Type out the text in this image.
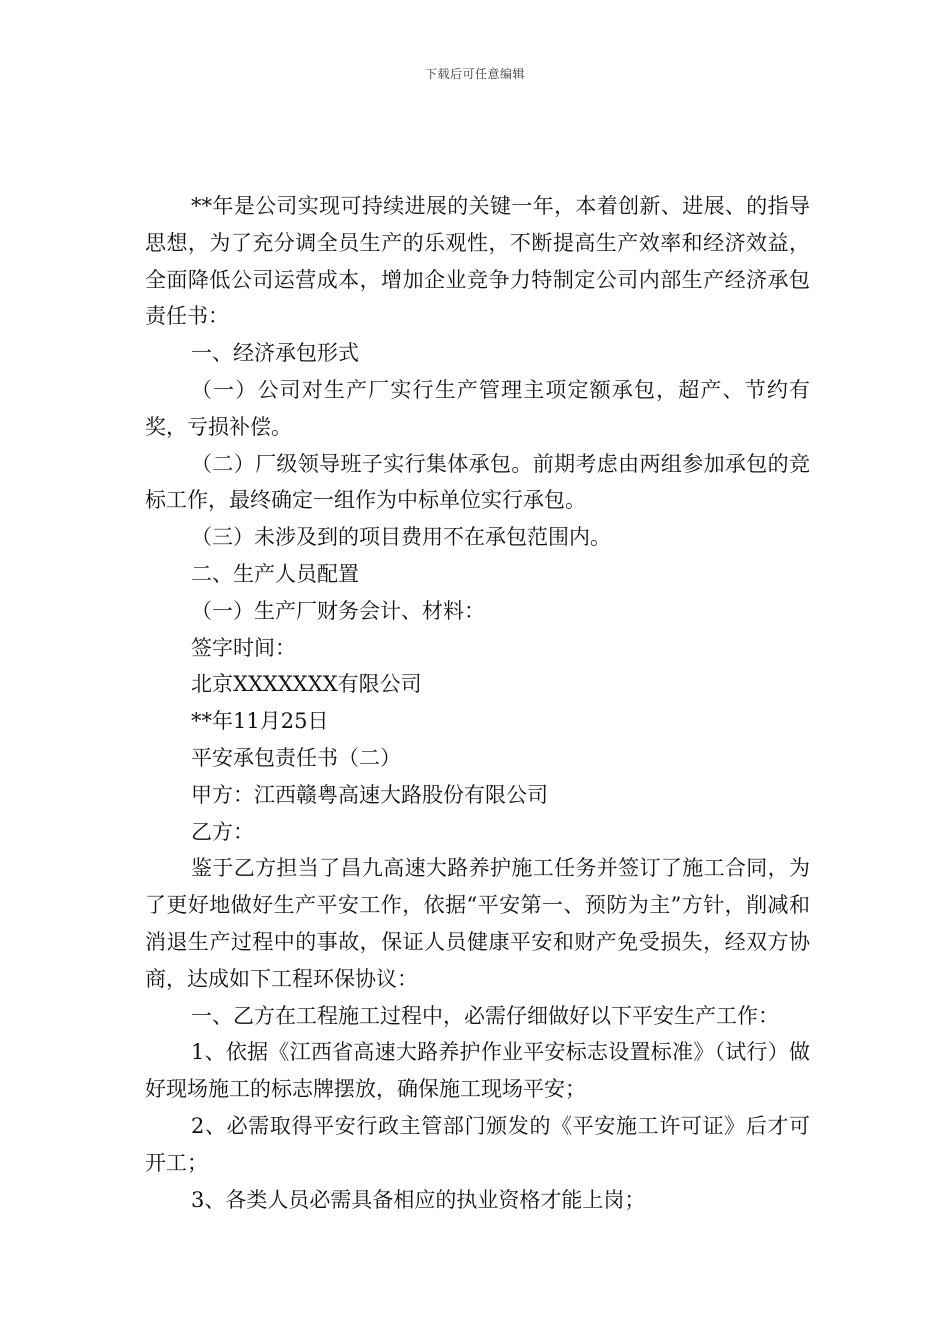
下载后可任意编辑

**年是公司实现可持续进展的关键一年，本着创新、进展、的指导思想，为了充分调全员生产的乐观性，不断提高生产效率和经济效益，全面降低公司运营成本，增加企业竞争力特制定公司内部生产经济承包责任书：

一、经济承包形式

（一）公司对生产厂实行生产管理主项定额承包，超产、节约有奖，亏损补偿。

（二）厂级领导班子实行集体承包。前期考虑由两组参加承包的竞标工作，最终确定一组作为中标单位实行承包。

（三）未涉及到的项目费用不在承包范围内。

二、生产人员配置

（一）生产厂财务会计、材料：

签字时间：

北京XXXXXXX有限公司

**年11月25日

平安承包责任书（二）

甲方：江西赣粤高速大路股份有限公司

乙方：

鉴于乙方担当了昌九高速大路养护施工任务并签订了施工合同，为了更好地做好生产平安工作，依据“平安第一、预防为主”方针，削减和消退生产过程中的事故，保证人员健康平安和财产免受损失，经双方协商，达成如下工程环保协议：

一、乙方在工程施工过程中，必需仔细做好以下平安生产工作：

1、依据《江西省高速大路养护作业平安标志设置标准》（试行）做好现场施工的标志牌摆放，确保施工现场平安；

2、必需取得平安行政主管部门颁发的《平安施工许可证》后才可开工；

3、各类人员必需具备相应的执业资格才能上岗；
